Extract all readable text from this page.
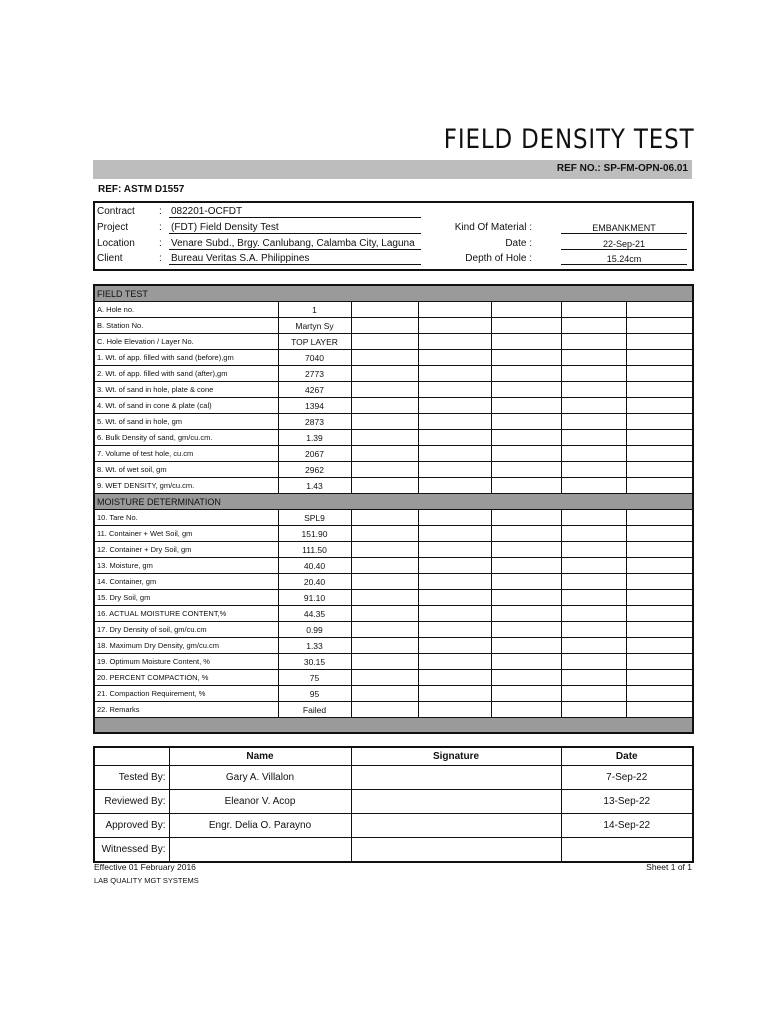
FIELD DENSITY TEST
REF NO.: SP-FM-OPN-06.01
REF: ASTM D1557
Contract : 082201-OCFDT
Project	: (FDT) Field Density Test
Location : Venare Subd., Brgy. Canlubang, Calamba City, Laguna
Client	: Bureau Veritas S.A. Philippines
Kind Of Material :	EMBANKMENT
Date :	22-Sep-21
Depth of Hole :	15.24cm
FIELD TEST						
A. Hole no.	1					
B. Station No.	Martyn Sy					
C. Hole Elevation / Layer No.	TOP LAYER					
1. Wt. of app. filled with sand (before),gm	7040					
2. Wt. of app. filled with sand (after),gm	2773					
3. Wt. of sand in hole, plate & cone	4267					
4. Wt. of sand in cone & plate (cal)	1394					
5. Wt. of sand in hole, gm	2873					
6. Bulk Density of sand, gm/cu.cm.	1.39					
7. Volume of test hole, cu.cm	2067					
8. Wt. of wet soil, gm	2962					
9. WET DENSITY, gm/cu.cm.	1.43					
MOISTURE DETERMINATION						
10. Tare No.	SPL9					
11. Container + Wet Soil, gm	151.90					
12. Container + Dry Soil, gm	111.50					
13. Moisture, gm	40.40					
14. Container, gm	20.40					
15. Dry Soil, gm	91.10					
16. ACTUAL MOISTURE CONTENT,%	44.35					
17. Dry Density of soil, gm/cu.cm	0.99					
18. Maximum Dry Density, gm/cu.cm	1.33					
19. Optimum Moisture Content, %	30.15					
20. PERCENT COMPACTION, %	75					
21. Compaction Requirement, %	95					
22. Remarks	Failed					

	Name	Signature	Date
Tested By:	Gary A. Villalon		7-Sep-22
Reviewed By:	Eleanor V. Acop		13-Sep-22
Approved By:	Engr. Delia O. Parayno		14-Sep-22
Witnessed By:			
Effective 01 February 2016
LAB QUALITY MGT SYSTEMS
Sheet 1 of 1
